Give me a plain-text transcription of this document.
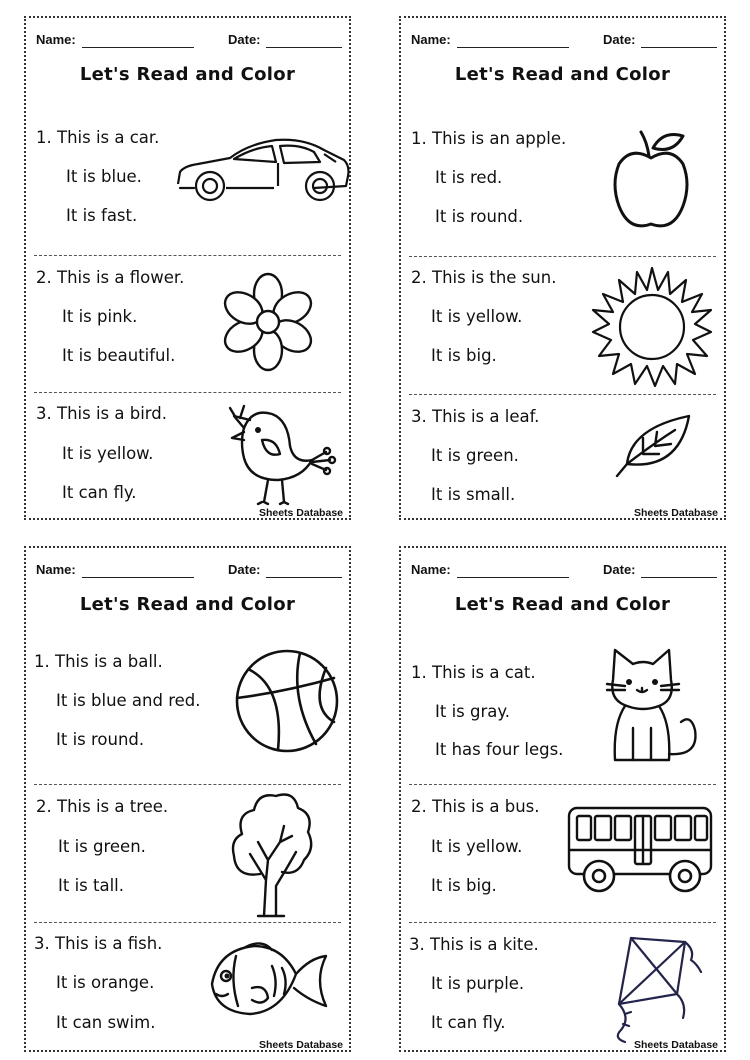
Name:	Date:
Let's Read and Color
1. This is a car.
It is blue.
It is fast.
2. This is a flower.
It is pink.
It is beautiful.
3. This is a bird.
It is yellow.
It can fly.
Sheets Database
Name:	Date:
Let's Read and Color
1. This is an apple.
It is red.
It is round.
2. This is the sun.
It is yellow.
It is big.
3. This is a leaf.
It is green.
It is small.
Sheets Database
Name:	Date:
Let's Read and Color
1. This is a ball.
It is blue and red.
It is round.
2. This is a tree.
It is green.
It is tall.
3. This is a fish.
It is orange.
It can swim.
Sheets Database
Name:	Date:
Let's Read and Color
1. This is a cat.
It is gray.
It has four legs.
2. This is a bus.
It is yellow.
It is big.
3. This is a kite.
It is purple.
It can fly.
Sheets Database
